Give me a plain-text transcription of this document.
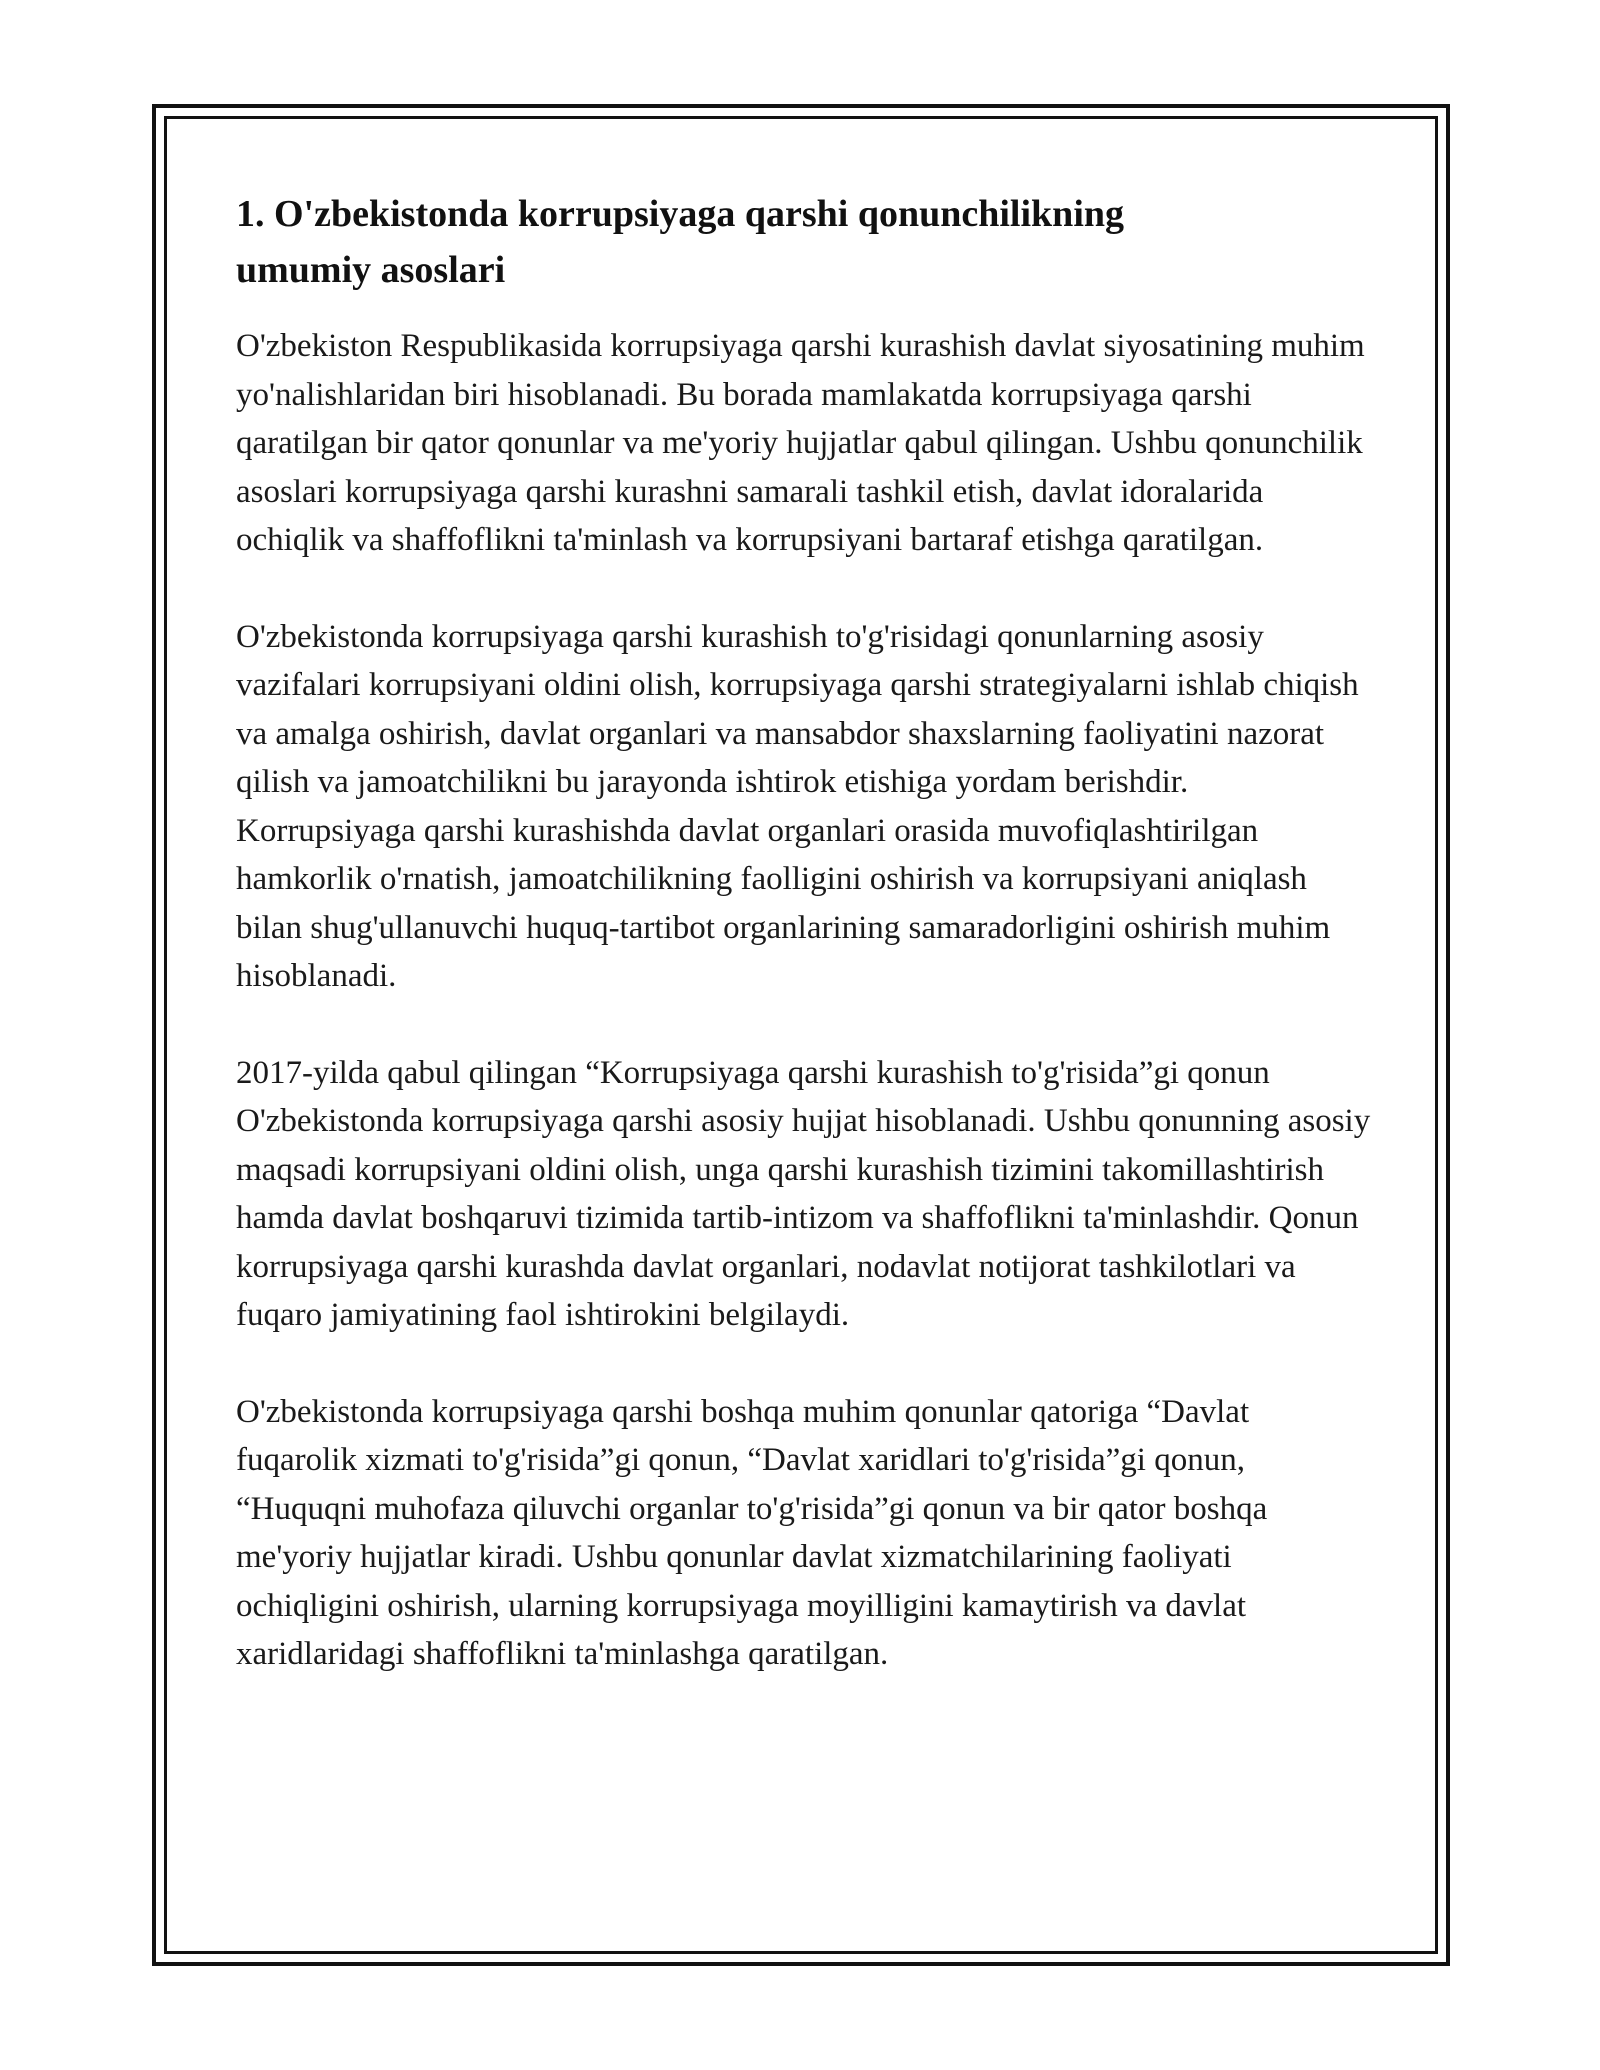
1. O'zbekistonda korrupsiyaga qarshi qonunchilikning umumiy asoslari

O'zbekiston Respublikasida korrupsiyaga qarshi kurashish davlat siyosatining muhim yo'nalishlaridan biri hisoblanadi. Bu borada mamlakatda korrupsiyaga qarshi qaratilgan bir qator qonunlar va me'yoriy hujjatlar qabul qilingan. Ushbu qonunchilik asoslari korrupsiyaga qarshi kurashni samarali tashkil etish, davlat idoralarida ochiqlik va shaffoflikni ta'minlash va korrupsiyani bartaraf etishga qaratilgan.

O'zbekistonda korrupsiyaga qarshi kurashish to'g'risidagi qonunlarning asosiy vazifalari korrupsiyani oldini olish, korrupsiyaga qarshi strategiyalarni ishlab chiqish va amalga oshirish, davlat organlari va mansabdor shaxslarning faoliyatini nazorat qilish va jamoatchilikni bu jarayonda ishtirok etishiga yordam berishdir. Korrupsiyaga qarshi kurashishda davlat organlari orasida muvofiqlashtirilgan hamkorlik o'rnatish, jamoatchilikning faolligini oshirish va korrupsiyani aniqlash bilan shug'ullanuvchi huquq-tartibot organlarining samaradorligini oshirish muhim hisoblanadi.

2017-yilda qabul qilingan “Korrupsiyaga qarshi kurashish to'g'risida”gi qonun O'zbekistonda korrupsiyaga qarshi asosiy hujjat hisoblanadi. Ushbu qonunning asosiy maqsadi korrupsiyani oldini olish, unga qarshi kurashish tizimini takomillashtirish hamda davlat boshqaruvi tizimida tartib-intizom va shaffoflikni ta'minlashdir. Qonun korrupsiyaga qarshi kurashda davlat organlari, nodavlat notijorat tashkilotlari va fuqaro jamiyatining faol ishtirokini belgilaydi.

O'zbekistonda korrupsiyaga qarshi boshqa muhim qonunlar qatoriga “Davlat fuqarolik xizmati to'g'risida”gi qonun, “Davlat xaridlari to'g'risida”gi qonun, “Huquqni muhofaza qiluvchi organlar to'g'risida”gi qonun va bir qator boshqa me'yoriy hujjatlar kiradi. Ushbu qonunlar davlat xizmatchilarining faoliyati ochiqligini oshirish, ularning korrupsiyaga moyilligini kamaytirish va davlat xaridlaridagi shaffoflikni ta'minlashga qaratilgan.
